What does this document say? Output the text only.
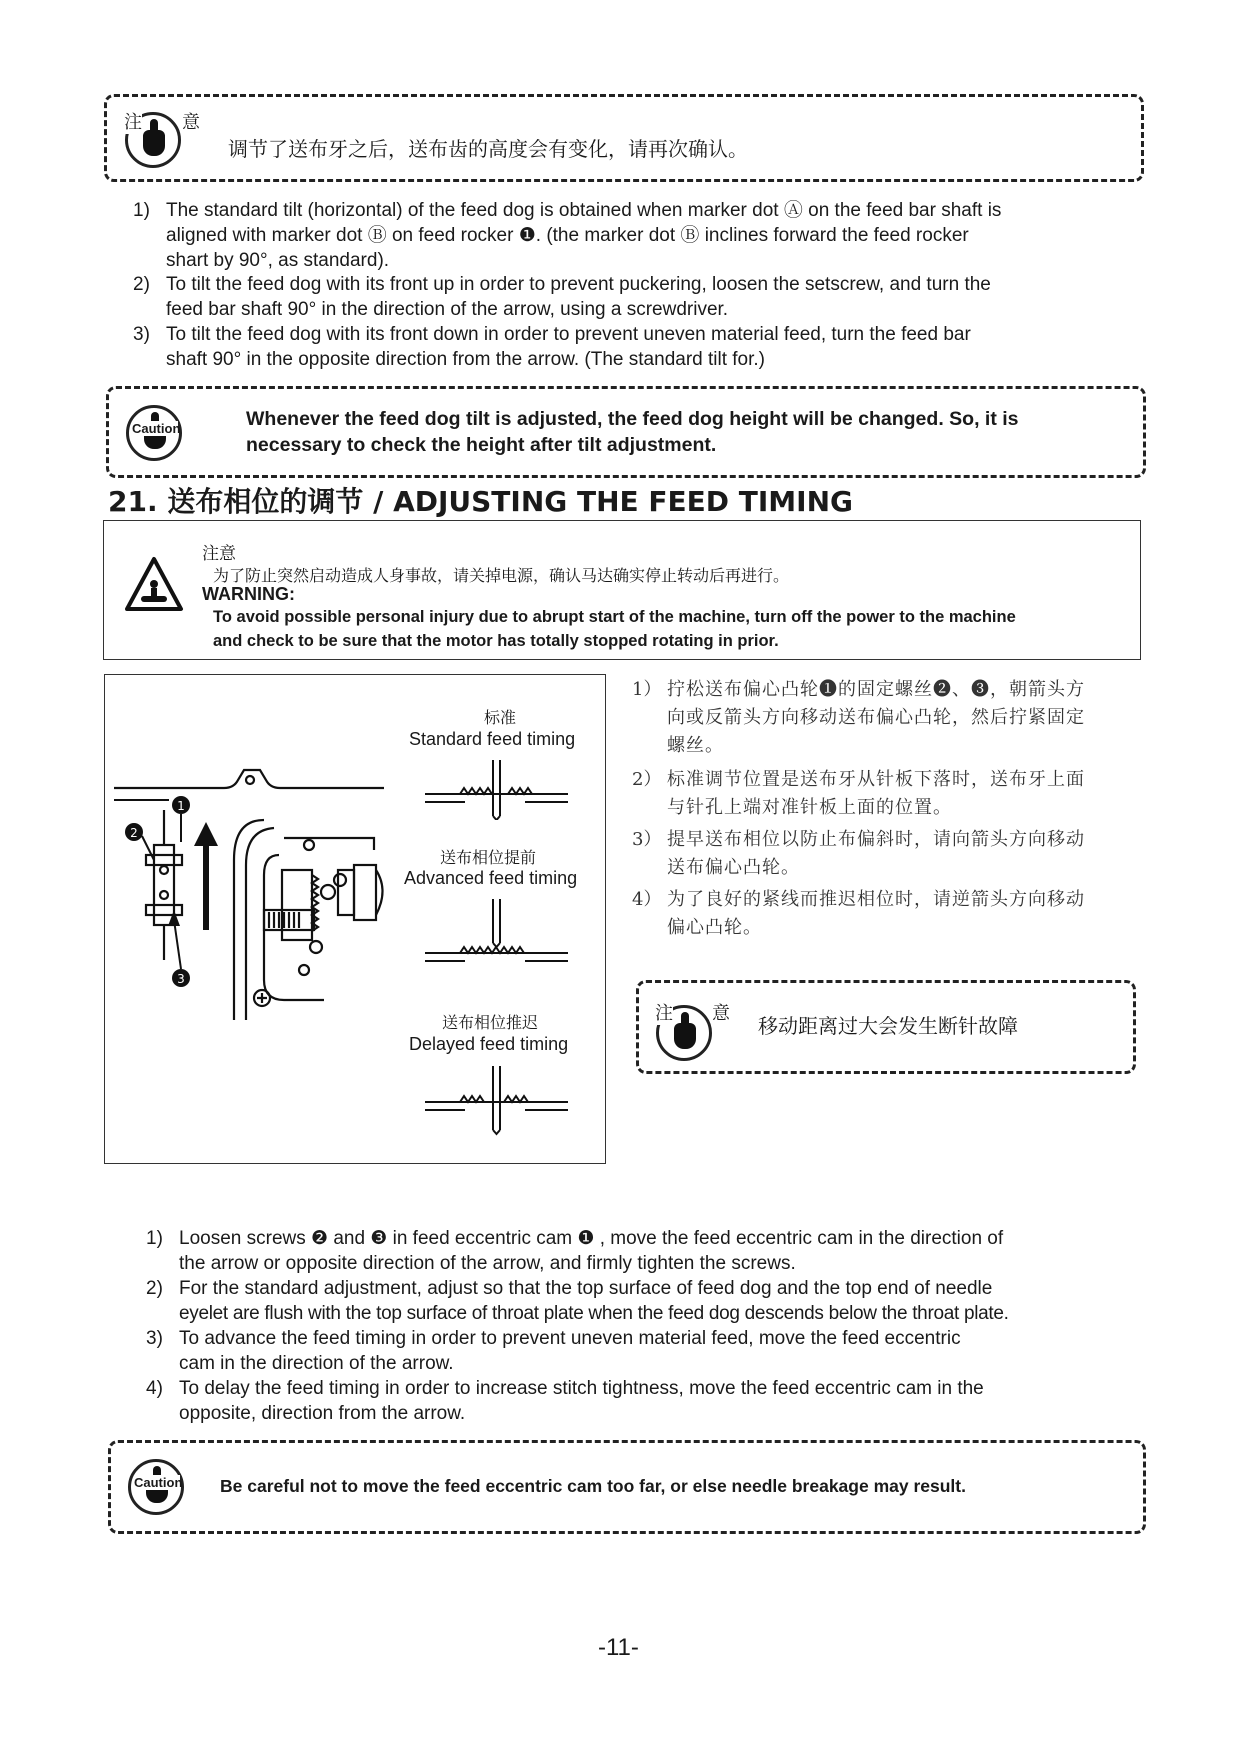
注 意
调节了送布牙之后，送布齿的高度会有变化，请再次确认。
1) The standard tilt (horizontal) of the feed dog is obtained when marker dot Ⓐ on the feed bar shaft is
aligned with marker dot Ⓑ on feed rocker ❶. (the marker dot Ⓑ inclines forward the feed rocker
shart by 90°, as standard).
2) To tilt the feed dog with its front up in order to prevent puckering, loosen the setscrew, and turn the
feed bar shaft 90° in the direction of the arrow, using a screwdriver.
3) To tilt the feed dog with its front down in order to prevent uneven material feed, turn the feed bar
shaft 90° in the opposite direction from the arrow. (The standard tilt for.)
Caution	Whenever the feed dog tilt is adjusted, the feed dog height will be changed. So, it is
necessary to check the height after tilt adjustment.
21. 送布相位的调节 / ADJUSTING THE FEED TIMING
注意
为了防止突然启动造成人身事故，请关掉电源，确认马达确实停止转动后再进行。
WARNING:
To avoid possible personal injury due to abrupt start of the machine, turn off the power to the machine
and check to be sure that the motor has totally stopped rotating in prior.
1
2
3
标准
Standard feed timing
送布相位提前
Advanced feed timing
送布相位推迟
Delayed feed timing
1） 拧松送布偏心凸轮❶的固定螺丝❷、❸，朝箭头方向或反箭头方向移动送布偏心凸轮，然后拧紧固定螺丝。
2） 标准调节位置是送布牙从针板下落时，送布牙上面与针孔上端对准针板上面的位置。
3） 提早送布相位以防止布偏斜时，请向箭头方向移动送布偏心凸轮。
4） 为了良好的紧线而推迟相位时，请逆箭头方向移动偏心凸轮。
注 意
移动距离过大会发生断针故障
1) Loosen screws ❷ and ❸ in feed eccentric cam ❶ , move the feed eccentric cam in the direction of
the arrow or opposite direction of the arrow, and firmly tighten the screws.
2) For the standard adjustment, adjust so that the top surface of feed dog and the top end of needle
eyelet are flush with the top surface of throat plate when the feed dog descends below the throat plate.
3) To advance the feed timing in order to prevent uneven material feed, move the feed eccentric
cam in the direction of the arrow.
4) To delay the feed timing in order to increase stitch tightness, move the feed eccentric cam in the
opposite, direction from the arrow.
Caution Be careful not to move the feed eccentric cam too far, or else needle breakage may result.
-11-
